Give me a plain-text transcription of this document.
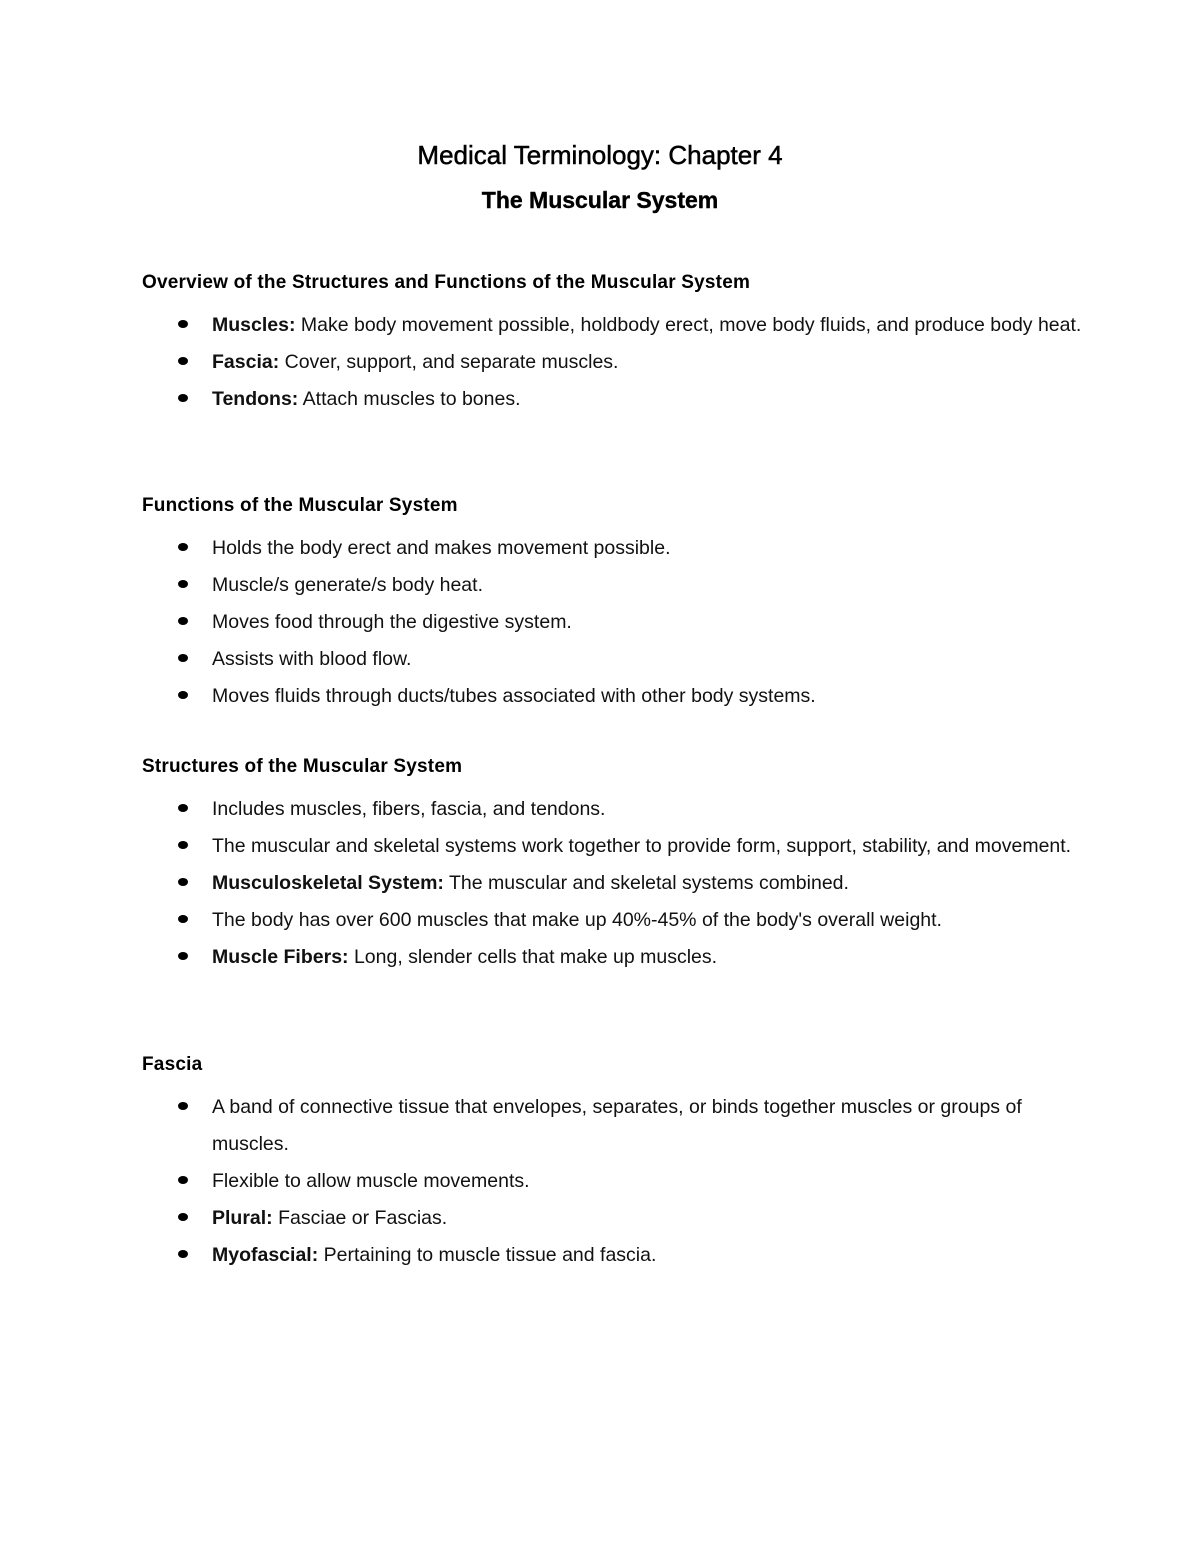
Medical Terminology: Chapter 4
The Muscular System
Overview of the Structures and Functions of the Muscular System
Muscles: Make body movement possible, holdbody erect, move body fluids, and produce body heat.
Fascia: Cover, support, and separate muscles.
Tendons: Attach muscles to bones.
Functions of the Muscular System
Holds the body erect and makes movement possible.
Muscle/s generate/s body heat.
Moves food through the digestive system.
Assists with blood flow.
Moves fluids through ducts/tubes associated with other body systems.
Structures of the Muscular System
Includes muscles, fibers, fascia, and tendons.
The muscular and skeletal systems work together to provide form, support, stability, and movement.
Musculoskeletal System: The muscular and skeletal systems combined.
The body has over 600 muscles that make up 40%-45% of the body's overall weight.
Muscle Fibers: Long, slender cells that make up muscles.
Fascia
A band of connective tissue that envelopes, separates, or binds together muscles or groups of muscles.
Flexible to allow muscle movements.
Plural: Fasciae or Fascias.
Myofascial: Pertaining to muscle tissue and fascia.
